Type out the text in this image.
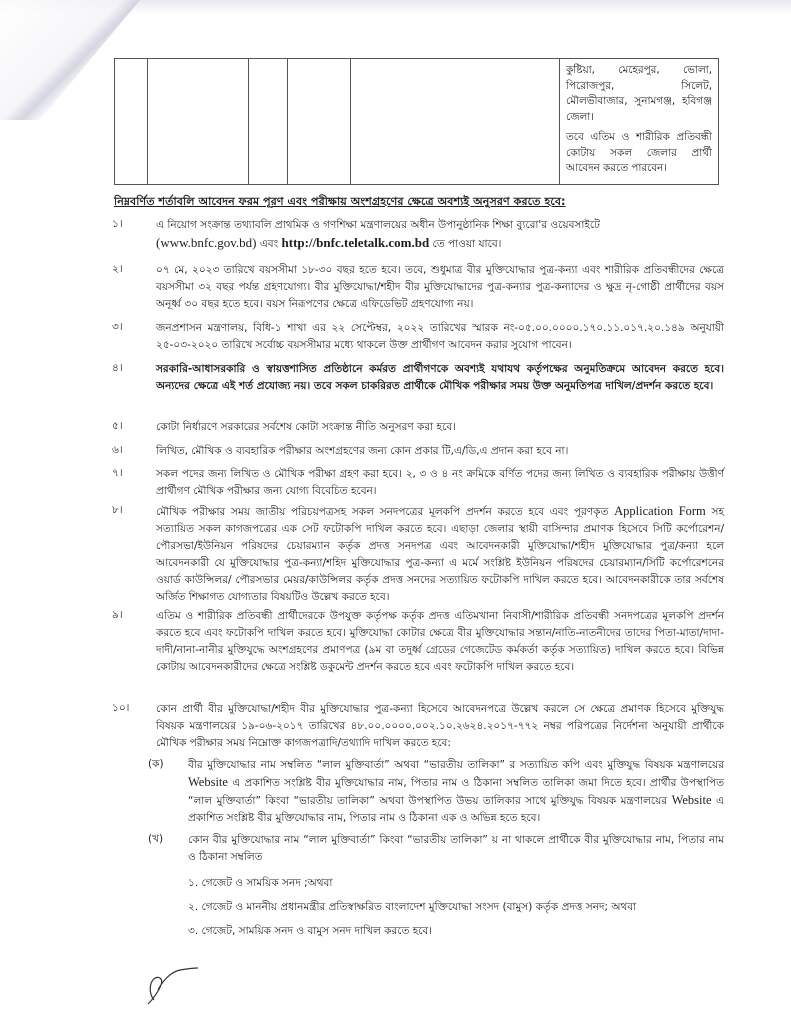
কুষ্টিয়া, মেহেরপুর, ভোলা, পিরোজপুর, সিলেট, মৌলভীবাজার, সুনামগঞ্জ, হবিগঞ্জ জেলা।

তবে এতিম ও শারীরিক প্রতিবন্ধী কোটায় সকল জেলার প্রার্থী আবেদন করতে পারবেন।

নিম্নবর্ণিত শর্তাবলি আবেদন ফরম পূরণ এবং পরীক্ষায় অংশগ্রহণের ক্ষেত্রে অবশ্যই অনুসরণ করতে হবে:
১।	এ নিয়োগ সংক্রান্ত তথ্যাবলি প্রাথমিক ও গণশিক্ষা মন্ত্রণালয়ের অধীন উপানুষ্ঠানিক শিক্ষা ব্যুরো'র ওয়েবসাইটে
(www.bnfc.gov.bd) এবং http://bnfc.teletalk.com.bd তে পাওয়া যাবে।
২।	০৭ মে, ২০২৩ তারিখে বয়সসীমা ১৮-৩০ বছর হতে হবে। তবে, শুধুমাত্র বীর মুক্তিযোদ্ধার পুত্র-কন্যা এবং শারীরিক প্রতিবন্ধীদের ক্ষেত্রে বয়সসীমা ৩২ বছর পর্যন্ত গ্রহণযোগ্য। বীর মুক্তিযোদ্ধা/শহীদ বীর মুক্তিযোদ্ধাদের পুত্র-কন্যার পুত্র-কন্যাদের ও ক্ষুদ্র নৃ-গোষ্ঠী প্রার্থীদের বয়স অনূর্ধ্ব ৩০ বছর হতে হবে। বয়স নিরূপণের ক্ষেত্রে এফিডেভিট গ্রহণযোগ্য নয়।
৩।	জনপ্রশাসন মন্ত্রণালয়, বিধি-১ শাখা এর ২২ সেপ্টেম্বর, ২০২২ তারিখের স্মারক নং-০৫.০০.০০০০.১৭০.১১.০১৭.২০.১৪৯ অনুযায়ী ২৫-০৩-২০২০ তারিখে সর্বোচ্চ বয়সসীমার মধ্যে থাকলে উক্ত প্রার্থীগণ আবেদন করার সুযোগ পাবেন।
৪।	সরকারি-আধাসরকারি ও স্বায়ত্তশাসিত প্রতিষ্ঠানে কর্মরত প্রার্থীগণকে অবশ্যই যথাযথ কর্তৃপক্ষের অনুমতিক্রমে আবেদন করতে হবে। অন্যদের ক্ষেত্রে এই শর্ত প্রযোজ্য নয়। তবে সকল চাকরিরত প্রার্থীকে মৌখিক পরীক্ষার সময় উক্ত অনুমতিপত্র দাখিল/প্রদর্শন করতে হবে।
৫।	কোটা নির্ধারণে সরকারের সর্বশেষ কোটা সংক্রান্ত নীতি অনুসরণ করা হবে।
৬।	লিখিত, মৌখিক ও ব্যবহারিক পরীক্ষার অংশগ্রহণের জন্য কোন প্রকার টি,এ/ডি,এ প্রদান করা হবে না।
৭।	সকল পদের জন্য লিখিত ও মৌখিক পরীক্ষা গ্রহণ করা হবে। ২, ৩ ও ৪ নং ক্রমিকে বর্ণিত পদের জন্য লিখিত ও ব্যবহারিক পরীক্ষায় উত্তীর্ণ প্রার্থীগণ মৌখিক পরীক্ষার জন্য যোগ্য বিবেচিত হবেন।
৮।	মৌখিক পরীক্ষার সময় জাতীয় পরিচয়পত্রসহ সকল সনদপত্রের মূলকপি প্রদর্শন করতে হবে এবং পূরণকৃত Application Form সহ সত্যায়িত সকল কাগজপত্রের এক সেট ফটোকপি দাখিল করতে হবে। এছাড়া জেলার স্থায়ী বাসিন্দার প্রমাণক হিসেবে সিটি কর্পোরেশন/পৌরসভা/ইউনিয়ন পরিষদের চেয়ারম্যান কর্তৃক প্রদত্ত সনদপত্র এবং আবেদনকারী মুক্তিযোদ্ধা/শহীদ মুক্তিযোদ্ধার পুত্র/কন্যা হলে আবেদনকারী যে মুক্তিযোদ্ধার পুত্র-কন্যা/শহিদ মুক্তিযোদ্ধার পুত্র-কন্যা এ মর্মে সংশ্লিষ্ট ইউনিয়ন পরিষদের চেয়ারম্যান/সিটি কর্পোরেশনের ওয়ার্ড কাউন্সিলর/ পৌরসভার মেয়র/কাউন্সিলর কর্তৃক প্রদত্ত সনদের সত্যায়িত ফটোকপি দাখিল করতে হবে। আবেদনকারীকে তার সর্বশেষ অর্জিত শিক্ষাগত যোগ্যতার বিষয়টিও উল্লেখ করতে হবে।
৯।	এতিম ও শারীরিক প্রতিবন্ধী প্রার্থীদেরকে উপযুক্ত কর্তৃপক্ষ কর্তৃক প্রদত্ত এতিমখানা নিবাসী/শারীরিক প্রতিবন্ধী সনদপত্রের মূলকপি প্রদর্শন করতে হবে এবং ফটোকপি দাখিল করতে হবে। মুক্তিযোদ্ধা কোটার ক্ষেত্রে বীর মুক্তিযোদ্ধার সন্তান/নাতি-নাতনীদের তাদের পিতা-মাতা/দাদা-দাদী/নানা-নানীর মুক্তিযুদ্ধে অংশগ্রহণের প্রমাণপত্র (৯ম বা তদুর্ধ্ব গ্রেডের গেজেটেড কর্মকর্তা কর্তৃক সত্যায়িত) দাখিল করতে হবে। বিভিন্ন কোটায় আবেদনকারীদের ক্ষেত্রে সংশ্লিষ্ট ডকুমেন্ট প্রদর্শন করতে হবে এবং ফটোকপি দাখিল করতে হবে।
১০।	কোন প্রার্থী বীর মুক্তিযোদ্ধা/শহীদ বীর মুক্তিযোদ্ধার পুত্র-কন্যা হিসেবে আবেদনপত্রে উল্লেখ করলে সে ক্ষেত্রে প্রমাণক হিসেবে মুক্তিযুদ্ধ বিষয়ক মন্ত্রণালয়ের ১৯-০৬-২০১৭ তারিখের ৪৮.০০.০০০০.০০২.১০.২৬২৪.২০১৭-৭৭২ নম্বর পরিপত্রের নির্দেশনা অনুযায়ী প্রার্থীকে মৌখিক পরীক্ষার সময় নিম্নোক্ত কাগজপত্রাদি/তথ্যাদি দাখিল করতে হবে:
(ক) বীর মুক্তিযোদ্ধার নাম সম্বলিত “লাল মুক্তিবার্তা” অথবা “ভারতীয় তালিকা” র সত্যায়িত কপি এবং মুক্তিযুদ্ধ বিষয়ক মন্ত্রণালয়ের Website এ প্রকাশিত সংশ্লিষ্ট বীর মুক্তিযোদ্ধার নাম, পিতার নাম ও ঠিকানা সম্বলিত তালিকা জমা দিতে হবে। প্রার্থীর উপস্থাপিত “লাল মুক্তিবার্তা” কিংবা “ভারতীয় তালিকা” অথবা উপস্থাপিত উভয় তালিকার সাথে মুক্তিযুদ্ধ বিষয়ক মন্ত্রণালয়ের Website এ প্রকাশিত সংশ্লিষ্ট বীর মুক্তিযোদ্ধার নাম, পিতার নাম ও ঠিকানা এক ও অভিন্ন হতে হবে।
(খ) কোন বীর মুক্তিযোদ্ধার নাম “লাল মুক্তিবার্তা” কিংবা “ভারতীয় তালিকা” য় না থাকলে প্রার্থীকে বীর মুক্তিযোদ্ধার নাম, পিতার নাম ও ঠিকানা সম্বলিত
১. গেজেট ও সাময়িক সনদ ;অথবা
২. গেজেট ও মাননীয় প্রধানমন্ত্রীর প্রতিস্বাক্ষরিত বাংলাদেশ মুক্তিযোদ্ধা সংসদ (বামুস) কর্তৃক প্রদত্ত সনদ; অথবা
৩. গেজেট, সাময়িক সনদ ও বামুস সনদ দাখিল করতে হবে।
